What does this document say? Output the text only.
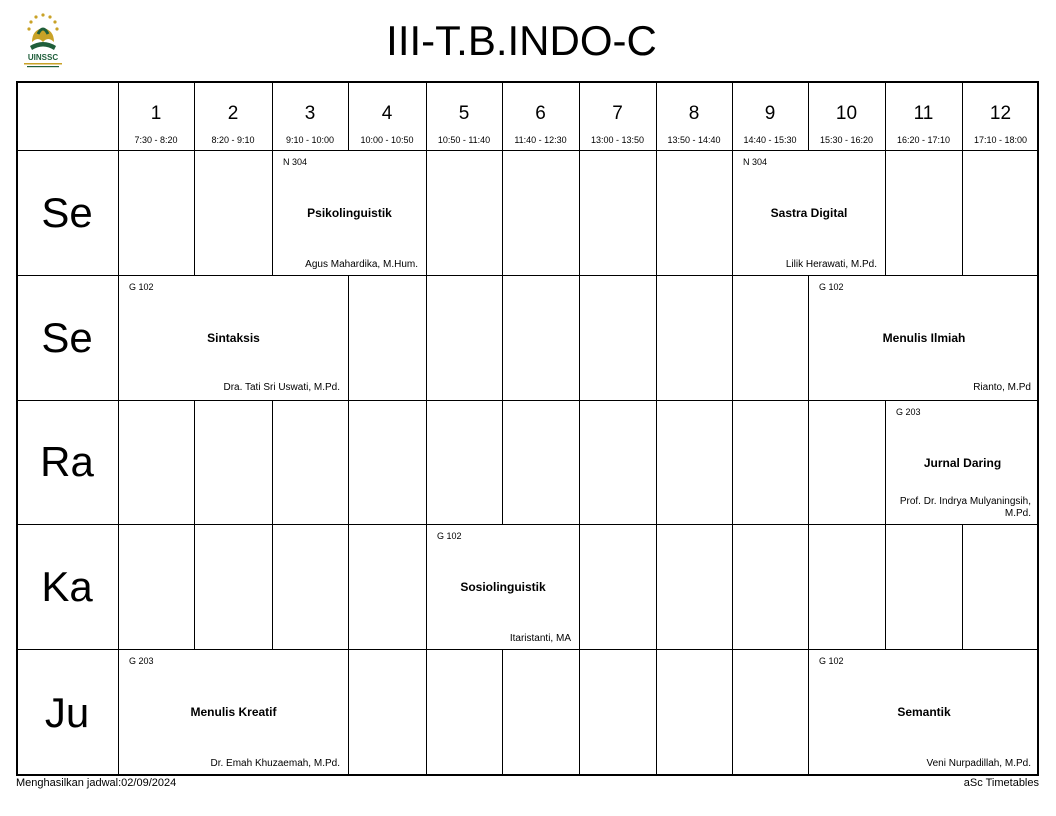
UINSSC	III-T.B.INDO-C
1
7:30 - 8:20
2
8:20 - 9:10
3
9:10 - 10:00
4
10:00 - 10:50
5
10:50 - 11:40
6
11:40 - 12:30
7
13:00 - 13:50
8
13:50 - 14:40
9
14:40 - 15:30
10
15:30 - 16:20
11
16:20 - 17:10
12
17:10 - 18:00
Se
Se
Ra
Ka
Ju
N 304
Psikolinguistik
Agus Mahardika, M.Hum.
N 304
Sastra Digital
Lilik Herawati, M.Pd.
G 102
Sintaksis
Dra. Tati Sri Uswati, M.Pd.
G 102
Menulis Ilmiah
Rianto, M.Pd
G 203
Jurnal Daring
Prof. Dr. Indrya Mulyaningsih, M.Pd.
G 102
Sosiolinguistik
Itaristanti, MA
G 203
Menulis Kreatif
Dr. Emah Khuzaemah, M.Pd.
G 102
Semantik
Veni Nurpadillah, M.Pd.
Menghasilkan jadwal:02/09/2024	aSc Timetables
